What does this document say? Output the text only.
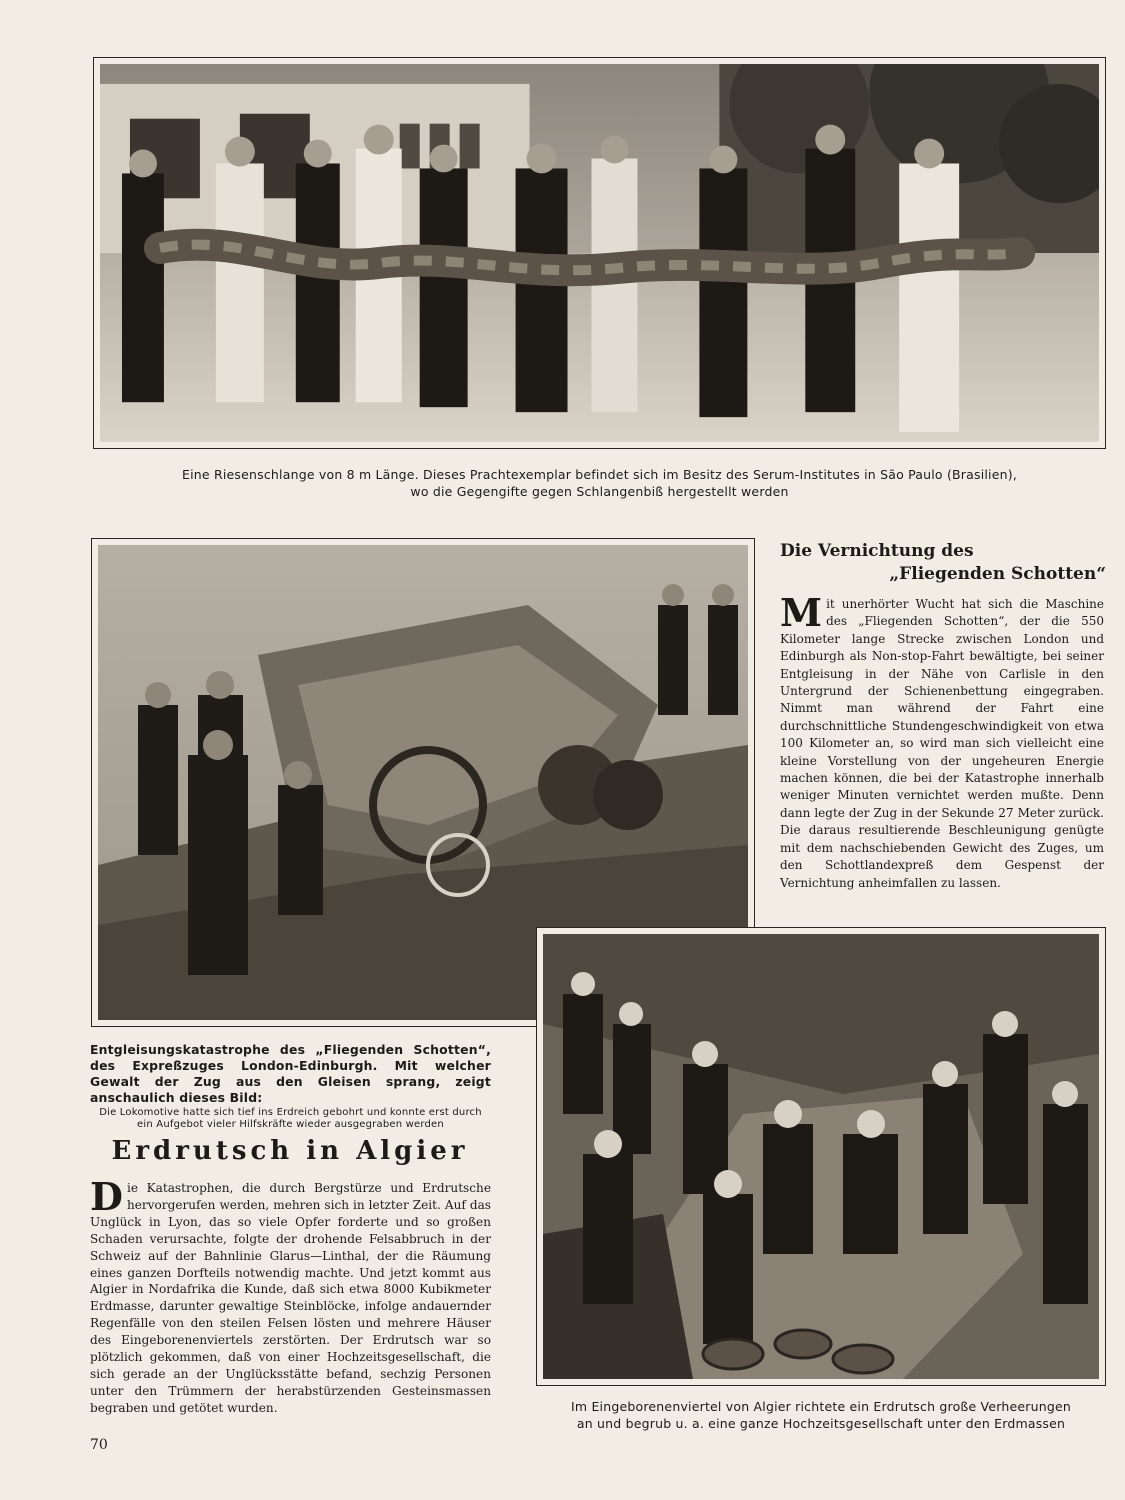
Eine Riesenschlange von 8 m Länge. Dieses Prachtexemplar befindet sich im Besitz des Serum-Institutes in São Paulo (Brasilien),
wo die Gegengifte gegen Schlangenbiß hergestellt werden
Die Vernichtung des
„Fliegenden Schotten“
Mit unerhörter Wucht hat sich die Maschine des „Fliegenden Schotten“, der die 550 Kilometer lange Strecke zwischen London und Edinburgh als Non-stop-Fahrt bewältigte, bei seiner Entgleisung in der Nähe von Carlisle in den Untergrund der Schienenbettung eingegraben. Nimmt man während der Fahrt eine durchschnittliche Stundengeschwindigkeit von etwa 100 Kilometer an, so wird man sich vielleicht eine kleine Vorstellung von der ungeheuren Energie machen können, die bei der Katastrophe innerhalb weniger Minuten vernichtet werden mußte. Denn dann legte der Zug in der Sekunde 27 Meter zurück. Die daraus resultierende Beschleunigung genügte mit dem nachschiebenden Gewicht des Zuges, um den Schottlandexpreß dem Gespenst der Vernichtung anheimfallen zu lassen.
Entgleisungskatastrophe des „Fliegenden Schotten“, des Expreßzuges London-Edinburgh. Mit welcher Gewalt der Zug aus den Gleisen sprang, zeigt anschaulich dieses Bild:
Die Lokomotive hatte sich tief ins Erdreich gebohrt und konnte erst durch ein Aufgebot vieler Hilfskräfte wieder ausgegraben werden
Erdrutsch in Algier
Die Katastrophen, die durch Bergstürze und Erdrutsche hervorgerufen werden, mehren sich in letzter Zeit. Auf das Unglück in Lyon, das so viele Opfer forderte und so großen Schaden verursachte, folgte der drohende Felsabbruch in der Schweiz auf der Bahnlinie Glarus—Linthal, der die Räumung eines ganzen Dorfteils notwendig machte. Und jetzt kommt aus Algier in Nordafrika die Kunde, daß sich etwa 8000 Kubikmeter Erdmasse, darunter gewaltige Steinblöcke, infolge andauernder Regenfälle von den steilen Felsen lösten und mehrere Häuser des Eingeborenenviertels zerstörten. Der Erdrutsch war so plötzlich gekommen, daß von einer Hochzeitsgesellschaft, die sich gerade an der Unglücksstätte befand, sechzig Personen unter den Trümmern der herabstürzenden Gesteinsmassen begraben und getötet wurden.	Im Eingeborenenviertel von Algier richtete ein Erdrutsch große Verheerungen
an und begrub u. a. eine ganze Hochzeitsgesellschaft unter den Erdmassen
70
